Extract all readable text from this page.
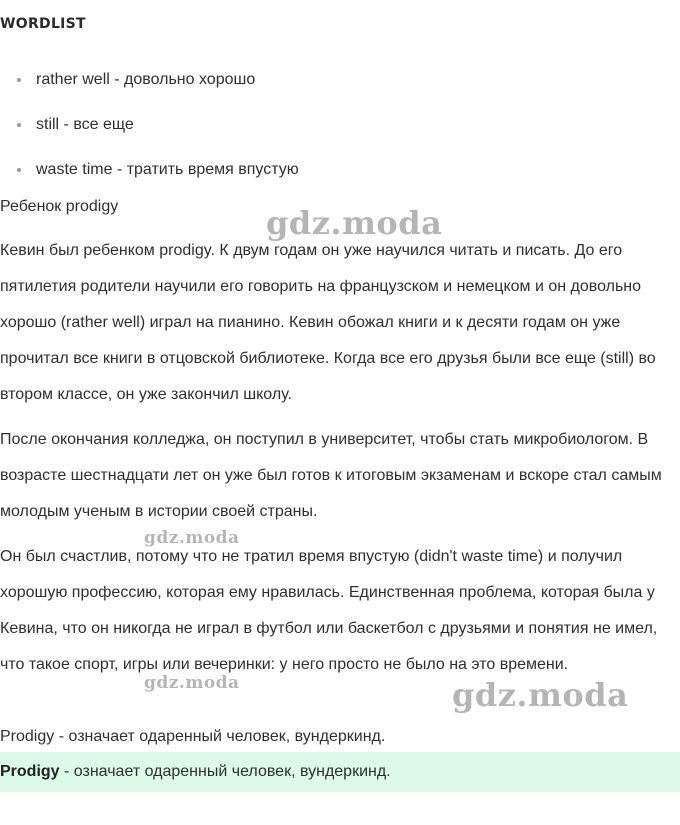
WORDLIST
rather well - довольно хорошо
still - все еще
waste time - тратить время впустую

Ребенок prodigy

Кевин был ребенком prodigy. К двум годам он уже научился читать и писать. До его пятилетия родители научили его говорить на французском и немецком и он довольно хорошо (rather well) играл на пианино. Кевин обожал книги и к десяти годам он уже прочитал все книги в отцовской библиотеке. Когда все его друзья были все еще (still) во втором классе, он уже закончил школу.

После окончания колледжа, он поступил в университет, чтобы стать микробиологом. В возрасте шестнадцати лет он уже был готов к итоговым экзаменам и вскоре стал самым молодым ученым в истории своей страны.

Он был счастлив, потому что не тратил время впустую (didn't waste time) и получил хорошую профессию, которая ему нравилась. Единственная проблема, которая была у Кевина, что он никогда не играл в футбол или баскетбол с друзьями и понятия не имел, что такое спорт, игры или вечеринки: у него просто не было на это времени.

Prodigy - означает одаренный человек, вундеркинд.

Prodigy - означает одаренный человек, вундеркинд.
gdz.moda
gdz.moda
gdz.moda	gdz.moda
